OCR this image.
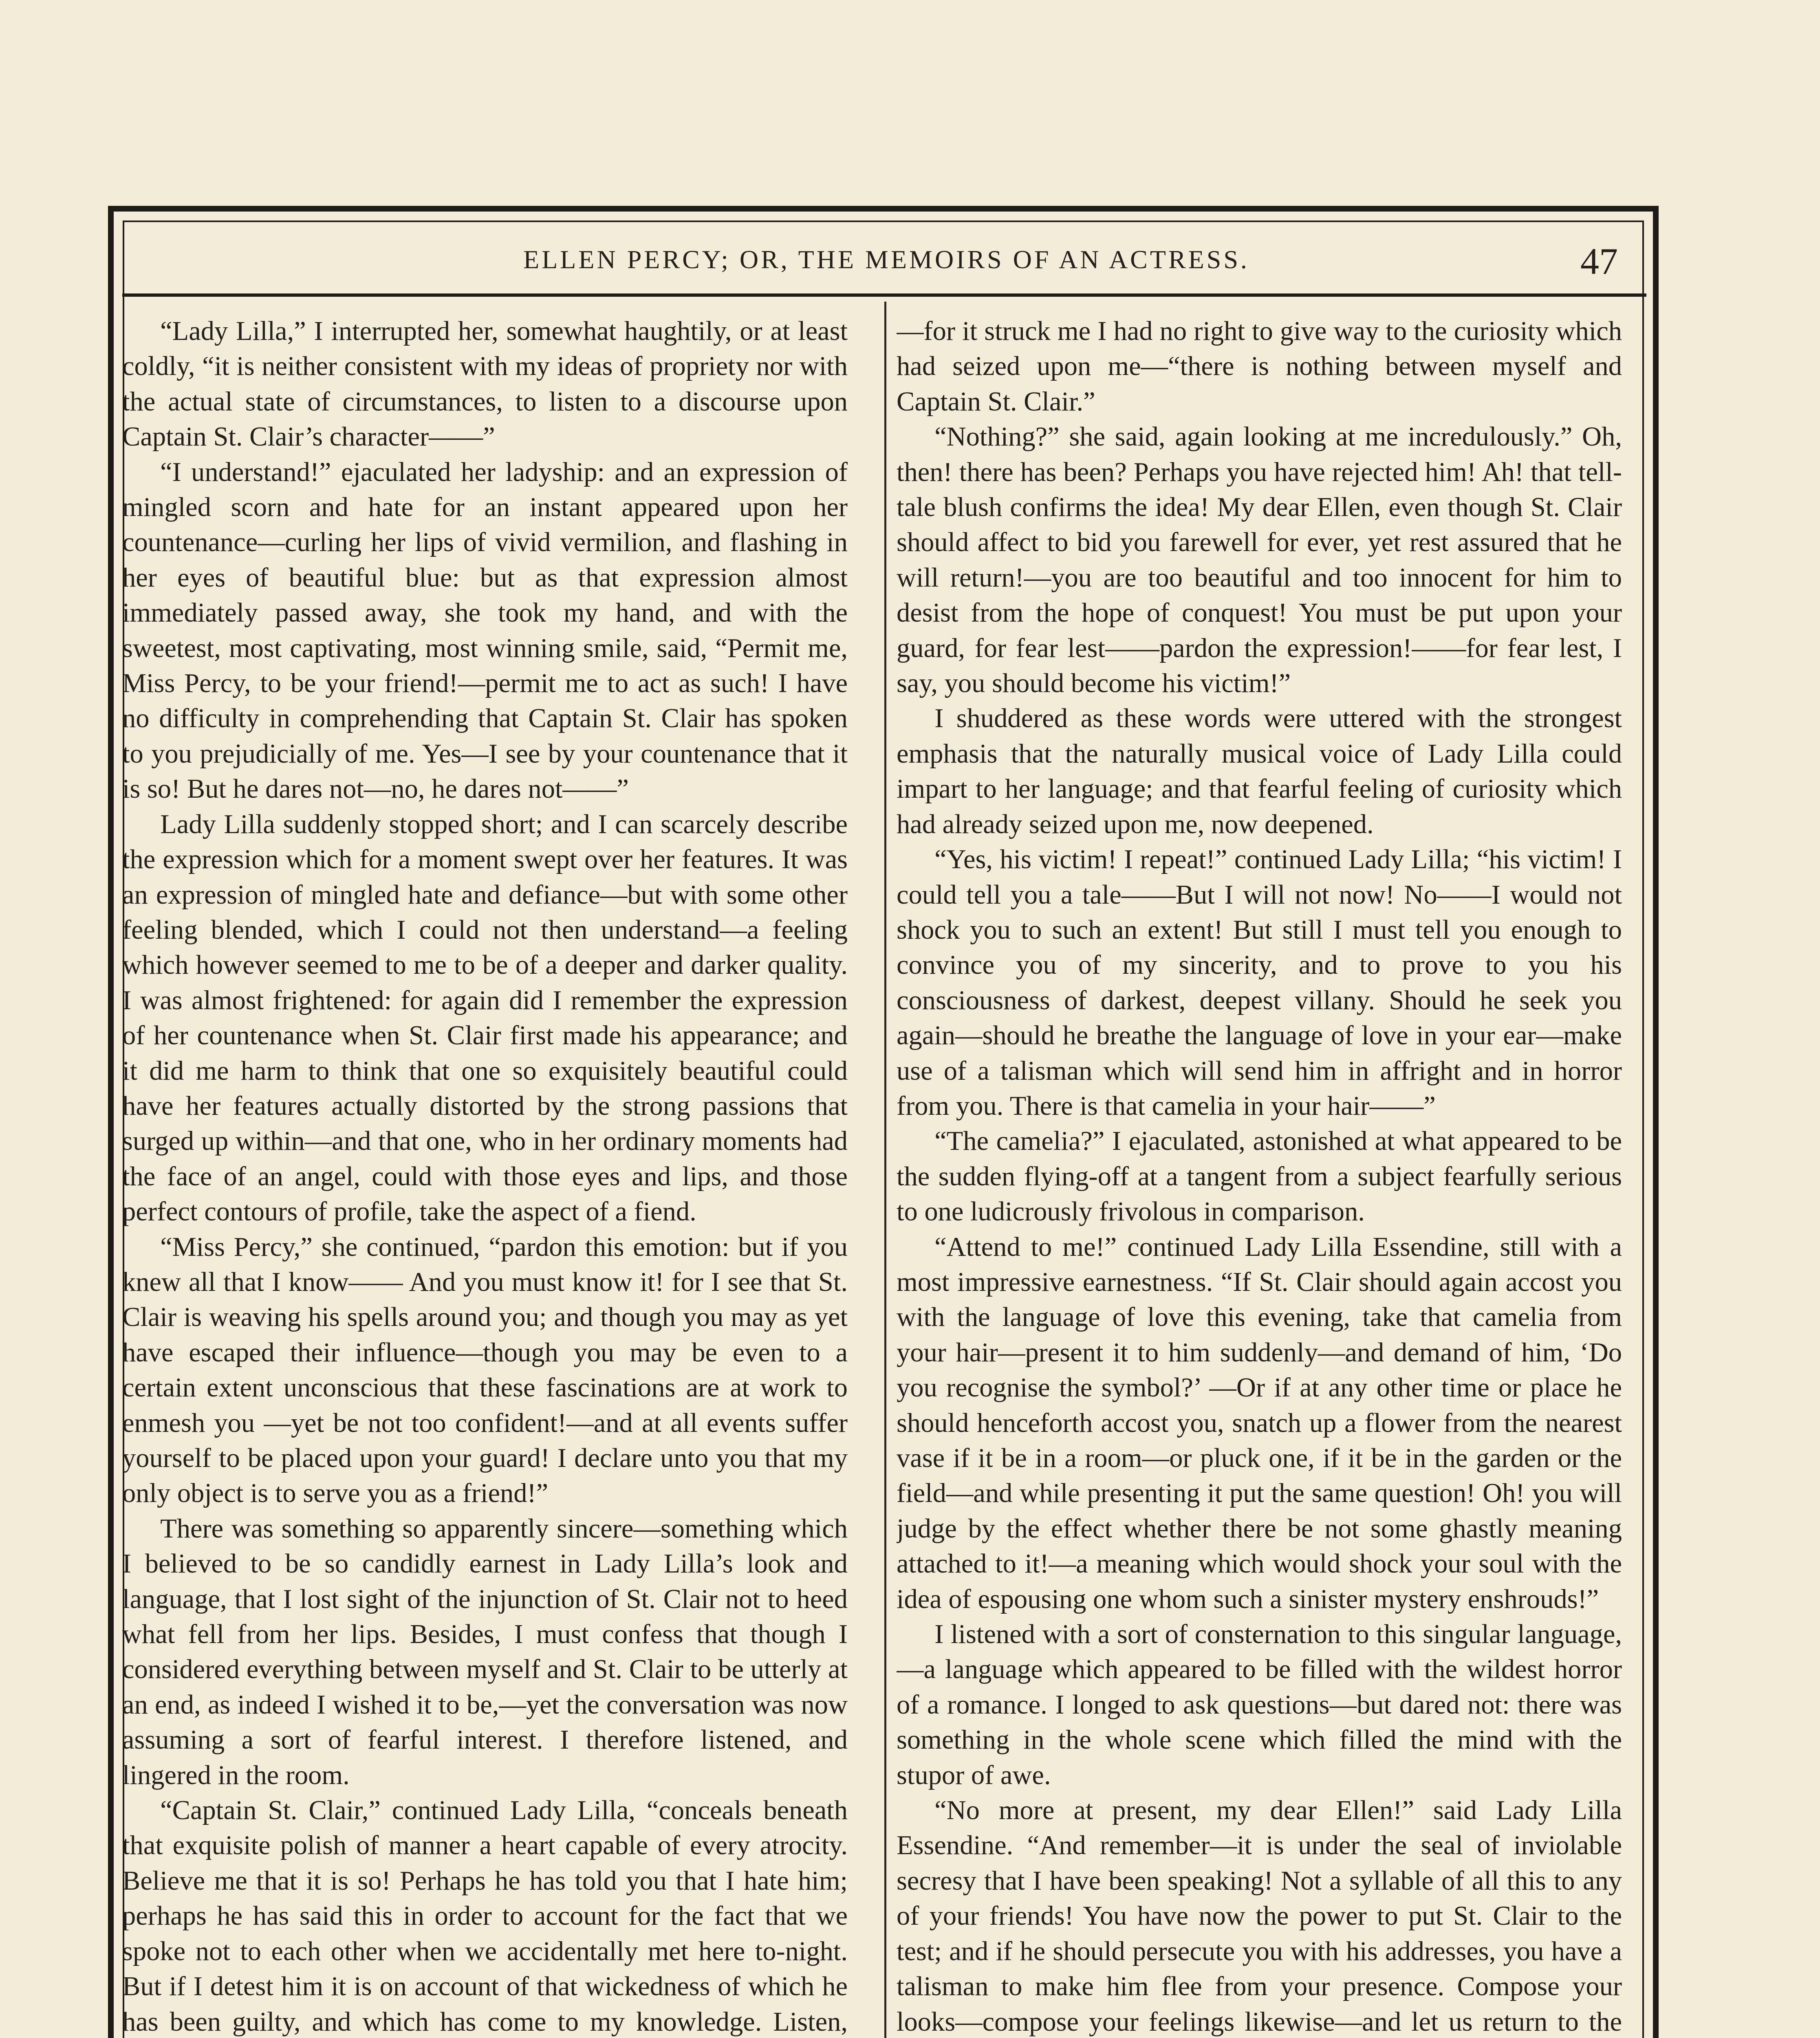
ELLEN PERCY; OR, THE MEMOIRS OF AN ACTRESS.	47

“Lady Lilla,” I interrupted her, somewhat haughtily, or at least coldly, “it is neither consistent with my ideas of propriety nor with the actual state of circumstances, to listen to a discourse upon Captain St. Clair’s character——”

“I understand!” ejaculated her ladyship: and an expression of mingled scorn and hate for an instant appeared upon her countenance—curling her lips of vivid vermilion, and flashing in her eyes of beautiful blue: but as that expression almost immediately passed away, she took my hand, and with the sweetest, most captivating, most winning smile, said, “Permit me, Miss Percy, to be your friend!—permit me to act as such! I have no difficulty in comprehending that Captain St. Clair has spoken to you prejudicially of me. Yes—I see by your countenance that it is so! But he dares not—no, he dares not——”

Lady Lilla suddenly stopped short; and I can scarcely describe the expression which for a moment swept over her features. It was an expression of mingled hate and defiance—but with some other feeling blended, which I could not then understand—a feeling which however seemed to me to be of a deeper and darker quality. I was almost frightened: for again did I remember the expression of her countenance when St. Clair first made his appearance; and it did me harm to think that one so exquisitely beautiful could have her features actually distorted by the strong passions that surged up within—and that one, who in her ordinary moments had the face of an angel, could with those eyes and lips, and those perfect contours of profile, take the aspect of a fiend.

“Miss Percy,” she continued, “pardon this emotion: but if you knew all that I know—— And you must know it! for I see that St. Clair is weaving his spells around you; and though you may as yet have escaped their influence—though you may be even to a certain extent unconscious that these fascinations are at work to enmesh you —yet be not too confident!—and at all events suffer yourself to be placed upon your guard! I declare unto you that my only object is to serve you as a friend!”

There was something so apparently sincere—something which I believed to be so candidly earnest in Lady Lilla’s look and language, that I lost sight of the injunction of St. Clair not to heed what fell from her lips. Besides, I must confess that though I considered everything between myself and St. Clair to be utterly at an end, as indeed I wished it to be,—yet the conversation was now assuming a sort of fearful interest. I therefore listened, and lingered in the room.

“Captain St. Clair,” continued Lady Lilla, “conceals beneath that exquisite polish of manner a heart capable of every atrocity. Believe me that it is so! Perhaps he has told you that I hate him; perhaps he has said this in order to account for the fact that we spoke not to each other when we accidentally met here to-night. But if I detest him it is on account of that wickedness of which he has been guilty, and which has come to my knowledge. Listen,

—for it struck me I had no right to give way to the curiosity which had seized upon me—“there is nothing between myself and Captain St. Clair.”

“Nothing?” she said, again looking at me incredulously.” Oh, then! there has been? Perhaps you have rejected him! Ah! that tell-tale blush confirms the idea! My dear Ellen, even though St. Clair should affect to bid you farewell for ever, yet rest assured that he will return!—you are too beautiful and too innocent for him to desist from the hope of conquest! You must be put upon your guard, for fear lest——pardon the expression!——for fear lest, I say, you should become his victim!”

I shuddered as these words were uttered with the strongest emphasis that the naturally musical voice of Lady Lilla could impart to her language; and that fearful feeling of curiosity which had already seized upon me, now deepened.

“Yes, his victim! I repeat!” continued Lady Lilla; “his victim! I could tell you a tale——But I will not now! No——I would not shock you to such an extent! But still I must tell you enough to convince you of my sincerity, and to prove to you his consciousness of darkest, deepest villany. Should he seek you again—should he breathe the language of love in your ear—make use of a talisman which will send him in affright and in horror from you. There is that camelia in your hair——”

“The camelia?” I ejaculated, astonished at what appeared to be the sudden flying-off at a tangent from a subject fearfully serious to one ludicrously frivolous in comparison.

“Attend to me!” continued Lady Lilla Essendine, still with a most impressive earnestness. “If St. Clair should again accost you with the language of love this evening, take that camelia from your hair—present it to him suddenly—and demand of him, ‘Do you recognise the symbol?’ —Or if at any other time or place he should henceforth accost you, snatch up a flower from the nearest vase if it be in a room—or pluck one, if it be in the garden or the field—and while presenting it put the same question! Oh! you will judge by the effect whether there be not some ghastly meaning attached to it!—a meaning which would shock your soul with the idea of espousing one whom such a sinister mystery enshrouds!”

I listened with a sort of consternation to this singular language,—a language which appeared to be filled with the wildest horror of a romance. I longed to ask questions—but dared not: there was something in the whole scene which filled the mind with the stupor of awe.

“No more at present, my dear Ellen!” said Lady Lilla Essendine. “And remember—it is under the seal of inviolable secresy that I have been speaking! Not a syllable of all this to any of your friends! You have now the power to put St. Clair to the test; and if he should persecute you with his addresses, you have a talisman to make him flee from your presence. Compose your looks—compose your feelings likewise—and let us return to the
